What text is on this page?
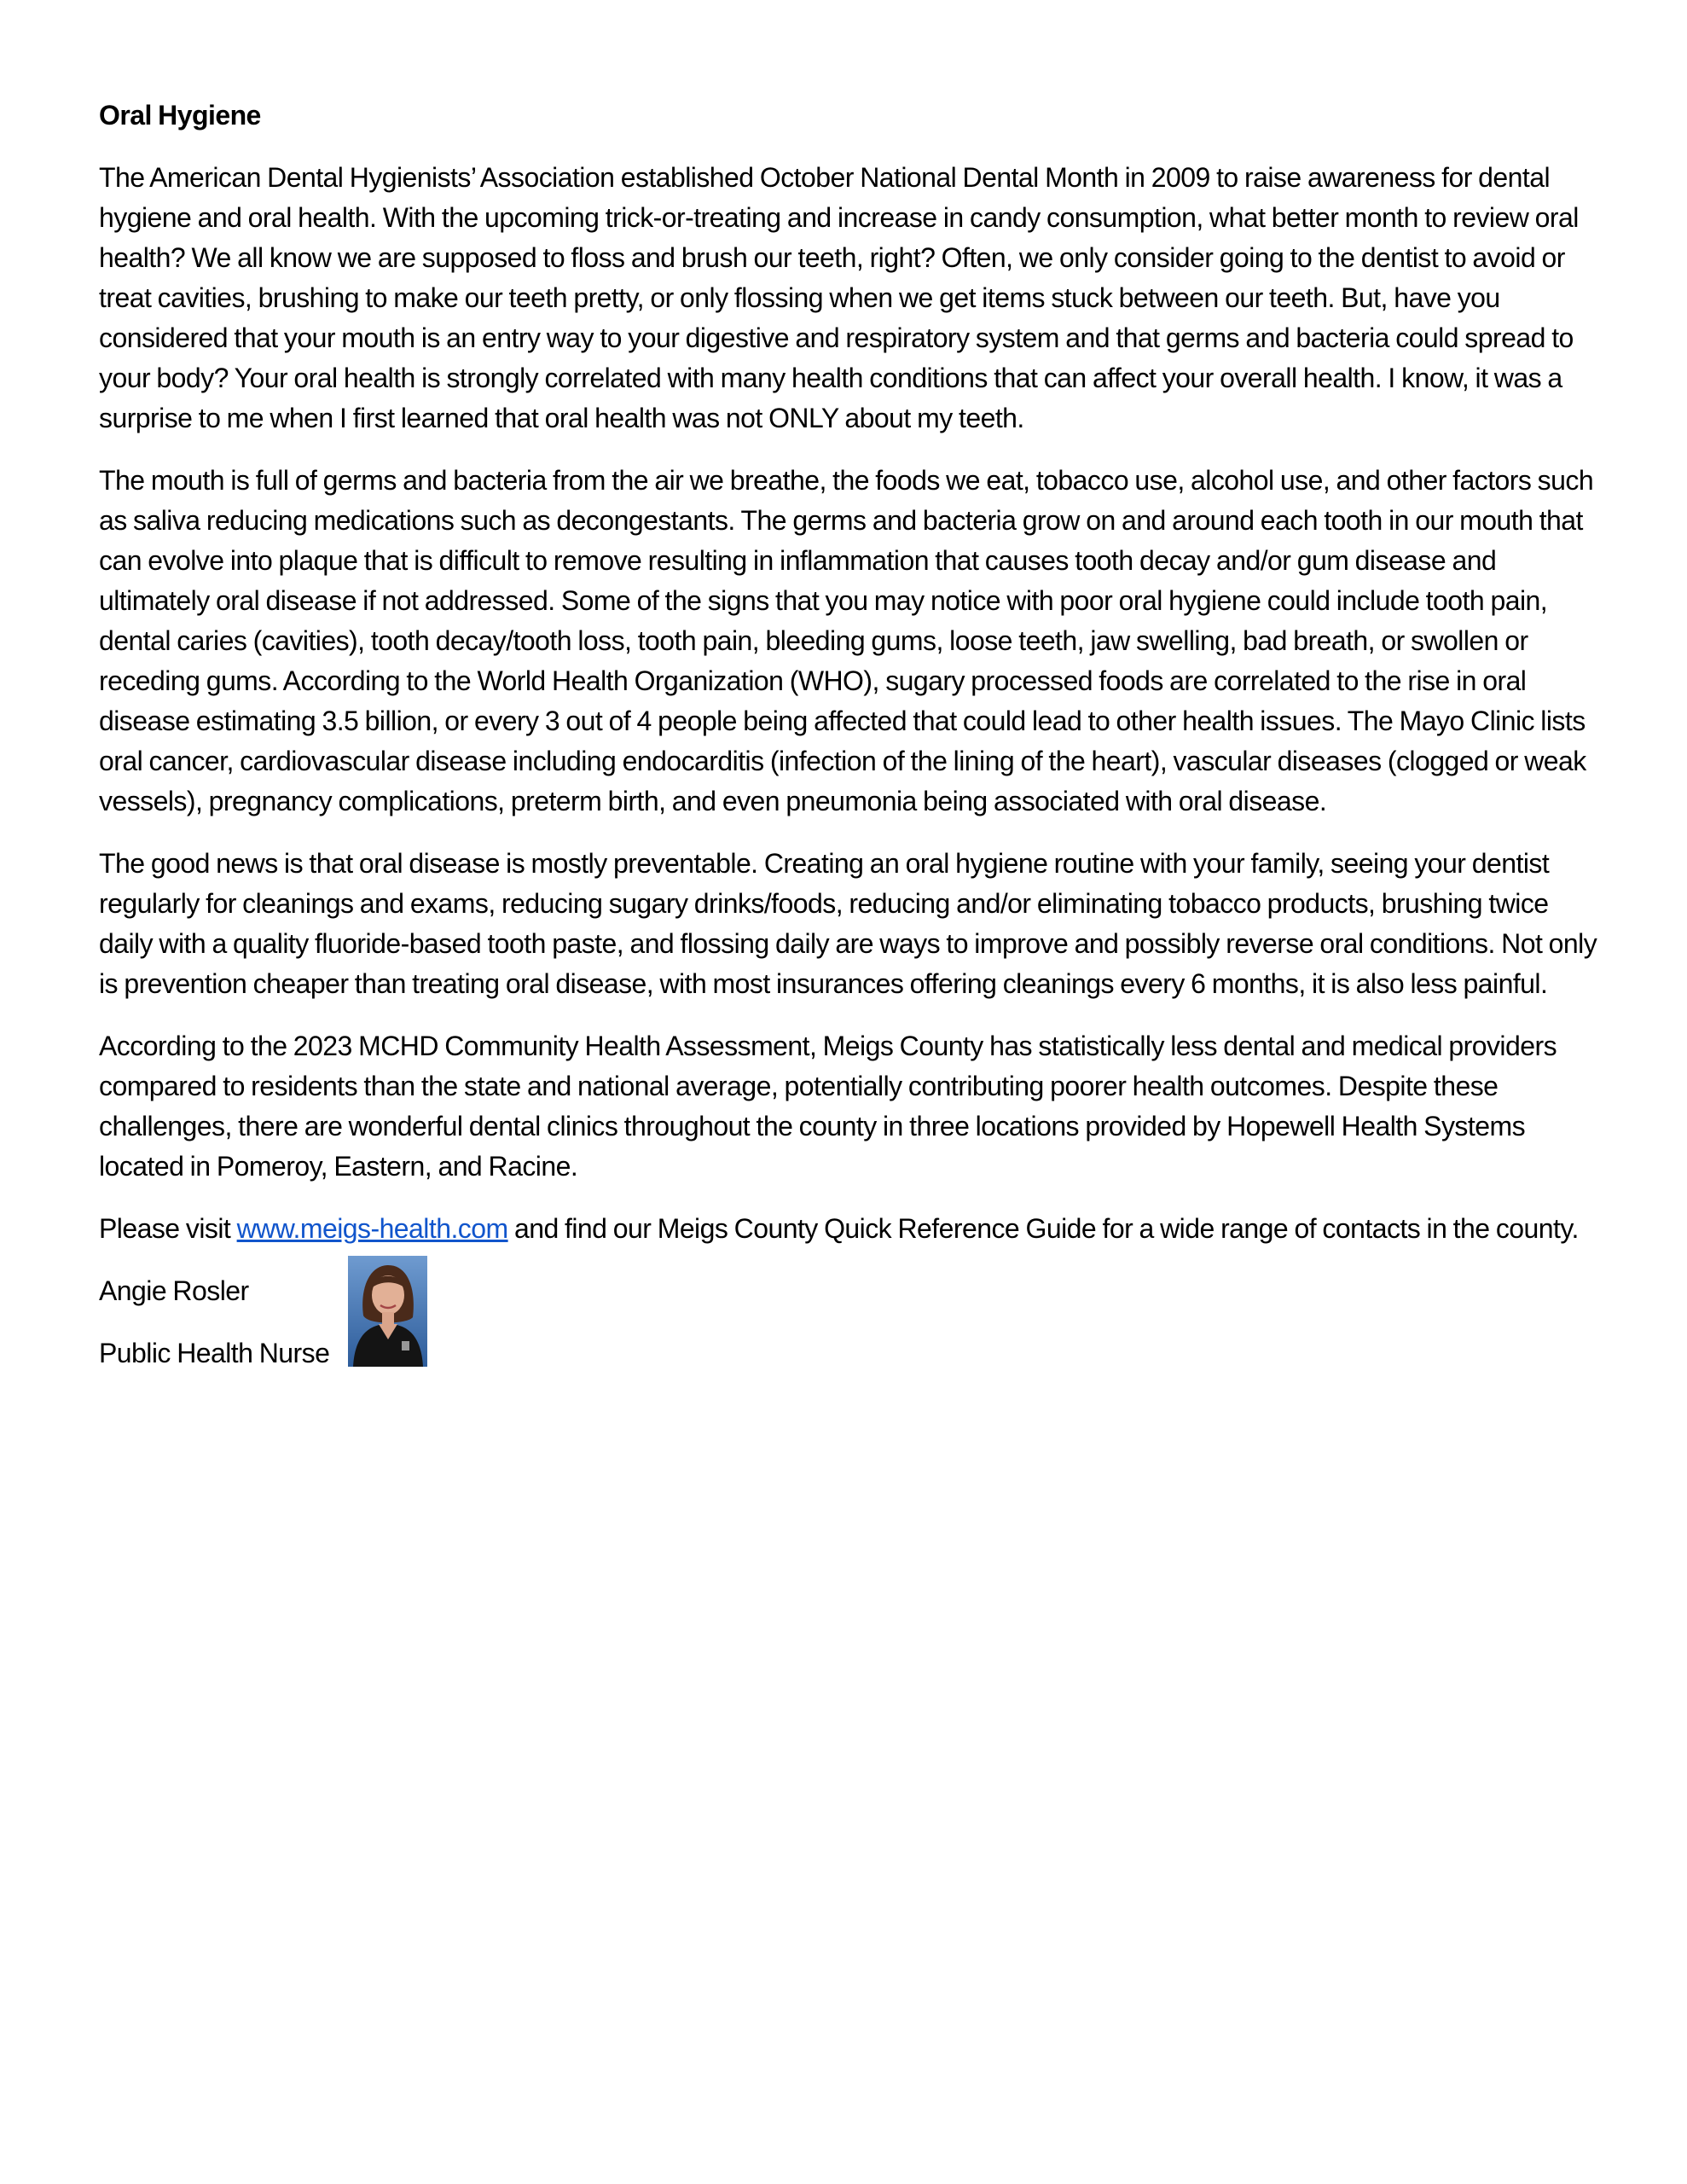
Oral Hygiene

The American Dental Hygienists’ Association established October National Dental Month in 2009 to raise awareness for dental hygiene and oral health. With the upcoming trick-or-treating and increase in candy consumption, what better month to review oral health? We all know we are supposed to floss and brush our teeth, right? Often, we only consider going to the dentist to avoid or treat cavities, brushing to make our teeth pretty, or only flossing when we get items stuck between our teeth. But, have you considered that your mouth is an entry way to your digestive and respiratory system and that germs and bacteria could spread to your body? Your oral health is strongly correlated with many health conditions that can affect your overall health. I know, it was a surprise to me when I first learned that oral health was not ONLY about my teeth.

The mouth is full of germs and bacteria from the air we breathe, the foods we eat, tobacco use, alcohol use, and other factors such as saliva reducing medications such as decongestants. The germs and bacteria grow on and around each tooth in our mouth that can evolve into plaque that is difficult to remove resulting in inflammation that causes tooth decay and/or gum disease and ultimately oral disease if not addressed. Some of the signs that you may notice with poor oral hygiene could include tooth pain, dental caries (cavities), tooth decay/tooth loss, tooth pain, bleeding gums, loose teeth, jaw swelling, bad breath, or swollen or receding gums. According to the World Health Organization (WHO), sugary processed foods are correlated to the rise in oral disease estimating 3.5 billion, or every 3 out of 4 people being affected that could lead to other health issues. The Mayo Clinic lists oral cancer, cardiovascular disease including endocarditis (infection of the lining of the heart), vascular diseases (clogged or weak vessels), pregnancy complications, preterm birth, and even pneumonia being associated with oral disease.

The good news is that oral disease is mostly preventable. Creating an oral hygiene routine with your family, seeing your dentist regularly for cleanings and exams, reducing sugary drinks/foods, reducing and/or eliminating tobacco products, brushing twice daily with a quality fluoride-based tooth paste, and flossing daily are ways to improve and possibly reverse oral conditions. Not only is prevention cheaper than treating oral disease, with most insurances offering cleanings every 6 months, it is also less painful.

According to the 2023 MCHD Community Health Assessment, Meigs County has statistically less dental and medical providers compared to residents than the state and national average, potentially contributing poorer health outcomes. Despite these challenges, there are wonderful dental clinics throughout the county in three locations provided by Hopewell Health Systems located in Pomeroy, Eastern, and Racine.

Please visit www.meigs-health.com and find our Meigs County Quick Reference Guide for a wide range of contacts in the county.

Angie Rosler
Public Health Nurse
